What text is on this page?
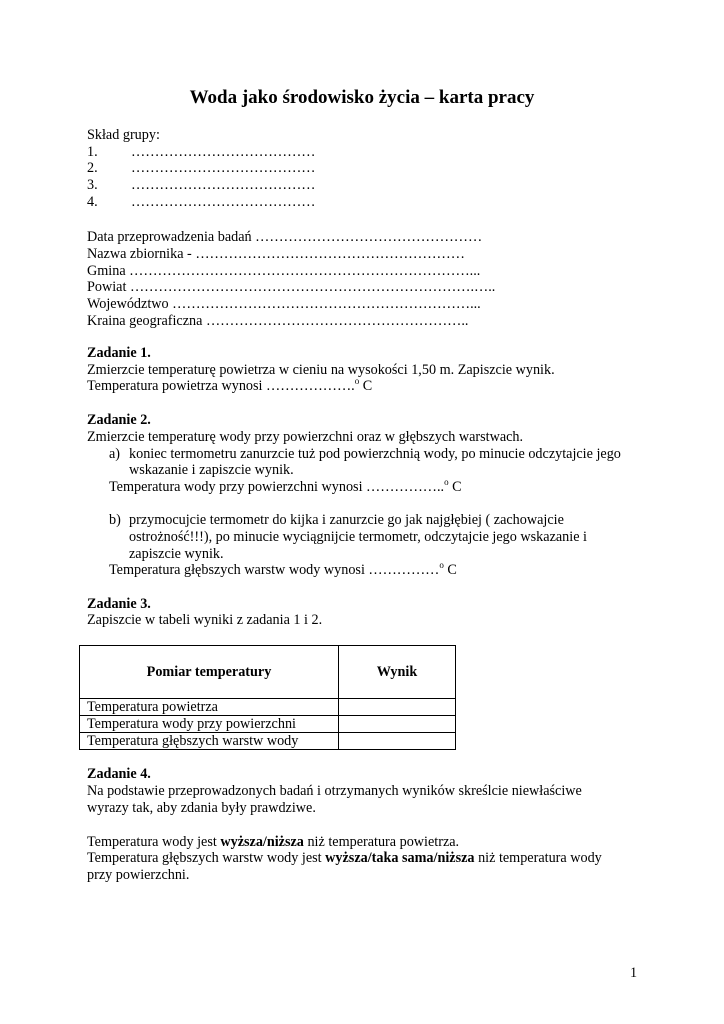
Woda jako środowisko życia – karta pracy
Skład grupy:
1. …………………………………
2. …………………………………
3. …………………………………
4. …………………………………
Data przeprowadzenia badań …………………………………………
Nazwa zbiornika - …………………………………………………
Gmina ………………………………………………………………...
Powiat ……………………………………………………………….…..
Województwo ………………………………………………………...
Kraina geograficzna ………………………………………………..
Zadanie 1.
Zmierzcie temperaturę powietrza w cieniu na wysokości 1,50 m. Zapiszcie wynik.
Temperatura powietrza wynosi ……………….$^o$ C
Zadanie 2.
Zmierzcie temperaturę wody przy powierzchni oraz w głębszych warstwach.
a) koniec termometru zanurzcie tuż pod powierzchnią wody, po minucie odczytajcie jego
wskazanie i zapiszcie wynik.
Temperatura wody przy powierzchni wynosi ……………..$^o$ C
b) przymocujcie termometr do kijka i zanurzcie go jak najgłębiej ( zachowajcie
ostrożność!!!), po minucie wyciągnijcie termometr, odczytajcie jego wskazanie i
zapiszcie wynik.
Temperatura głębszych warstw wody wynosi ……………$^o$ C
Zadanie 3.
Zapiszcie w tabeli wyniki z zadania 1 i 2.
Pomiar temperatury	Wynik
Temperatura powietrza	
Temperatura wody przy powierzchni	
Temperatura głębszych warstw wody	
Zadanie 4.
Na podstawie przeprowadzonych badań i otrzymanych wyników skreślcie niewłaściwe
wyrazy tak, aby zdania były prawdziwe.
Temperatura wody jest wyższa/niższa niż temperatura powietrza.
Temperatura głębszych warstw wody jest wyższa/taka sama/niższa niż temperatura wody
przy powierzchni.
1
